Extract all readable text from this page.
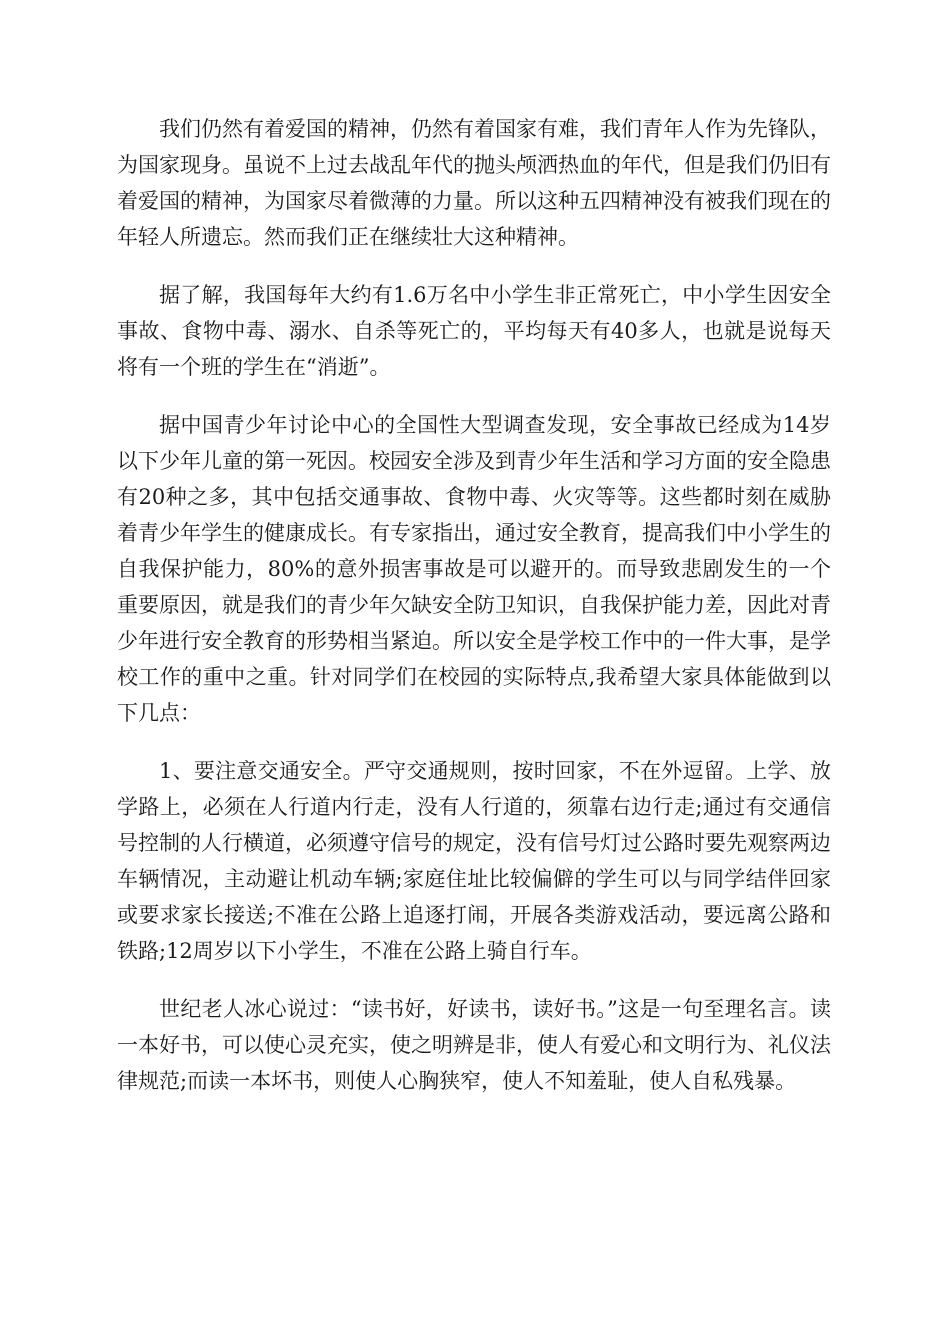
我们仍然有着爱国的精神，仍然有着国家有难，我们青年人作为先锋队，为国家现身。虽说不上过去战乱年代的抛头颅洒热血的年代，但是我们仍旧有着爱国的精神，为国家尽着微薄的力量。所以这种五四精神没有被我们现在的年轻人所遗忘。然而我们正在继续壮大这种精神。

据了解，我国每年大约有1.6万名中小学生非正常死亡，中小学生因安全事故、食物中毒、溺水、自杀等死亡的，平均每天有40多人，也就是说每天将有一个班的学生在“消逝”。

据中国青少年讨论中心的全国性大型调查发现，安全事故已经成为14岁以下少年儿童的第一死因。校园安全涉及到青少年生活和学习方面的安全隐患有20种之多，其中包括交通事故、食物中毒、火灾等等。这些都时刻在威胁着青少年学生的健康成长。有专家指出，通过安全教育，提高我们中小学生的自我保护能力，80%的意外损害事故是可以避开的。而导致悲剧发生的一个重要原因，就是我们的青少年欠缺安全防卫知识，自我保护能力差，因此对青少年进行安全教育的形势相当紧迫。所以安全是学校工作中的一件大事，是学校工作的重中之重。针对同学们在校园的实际特点,我希望大家具体能做到以下几点：

1、要注意交通安全。严守交通规则，按时回家，不在外逗留。上学、放学路上，必须在人行道内行走，没有人行道的，须靠右边行走;通过有交通信号控制的人行横道，必须遵守信号的规定，没有信号灯过公路时要先观察两边车辆情况，主动避让机动车辆;家庭住址比较偏僻的学生可以与同学结伴回家或要求家长接送;不准在公路上追逐打闹，开展各类游戏活动，要远离公路和铁路;12周岁以下小学生，不准在公路上骑自行车。

世纪老人冰心说过：“读书好，好读书，读好书。”这是一句至理名言。读一本好书，可以使心灵充实，使之明辨是非，使人有爱心和文明行为、礼仪法律规范;而读一本坏书，则使人心胸狭窄，使人不知羞耻，使人自私残暴。
